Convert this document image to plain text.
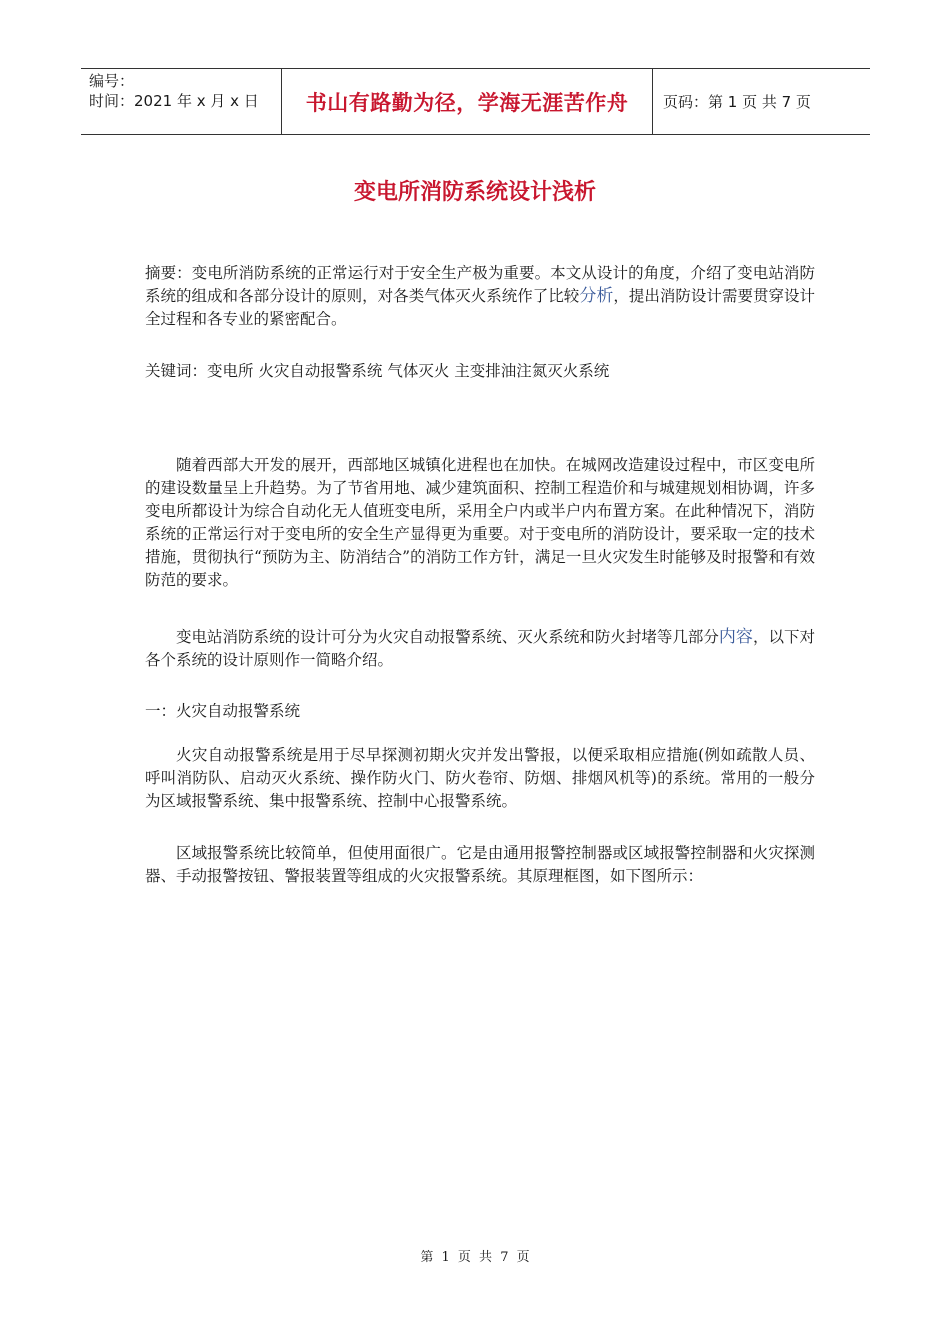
编号：
时间：2021 年 x 月 x 日	书山有路勤为径，学海无涯苦作舟 页码：第 1 页 共 7 页
变电所消防系统设计浅析

摘要：变电所消防系统的正常运行对于安全生产极为重要。本文从设计的角度，介绍了变电站消防系统的组成和各部分设计的原则，对各类气体灭火系统作了比较分析，提出消防设计需要贯穿设计全过程和各专业的紧密配合。

关键词：变电所 火灾自动报警系统 气体灭火 主变排油注氮灭火系统

随着西部大开发的展开，西部地区城镇化进程也在加快。在城网改造建设过程中，市区变电所的建设数量呈上升趋势。为了节省用地、减少建筑面积、控制工程造价和与城建规划相协调，许多变电所都设计为综合自动化无人值班变电所，采用全户内或半户内布置方案。在此种情况下，消防系统的正常运行对于变电所的安全生产显得更为重要。对于变电所的消防设计，要采取一定的技术措施，贯彻执行“预防为主、防消结合”的消防工作方针，满足一旦火灾发生时能够及时报警和有效防范的要求。

变电站消防系统的设计可分为火灾自动报警系统、灭火系统和防火封堵等几部分内容，以下对各个系统的设计原则作一简略介绍。

一：火灾自动报警系统

火灾自动报警系统是用于尽早探测初期火灾并发出警报，以便采取相应措施(例如疏散人员、呼叫消防队、启动灭火系统、操作防火门、防火卷帘、防烟、排烟风机等)的系统。常用的一般分为区域报警系统、集中报警系统、控制中心报警系统。

区域报警系统比较简单，但使用面很广。它是由通用报警控制器或区域报警控制器和火灾探测器、手动报警按钮、警报装置等组成的火灾报警系统。其原理框图，如下图所示：

第 1 页 共 7 页
